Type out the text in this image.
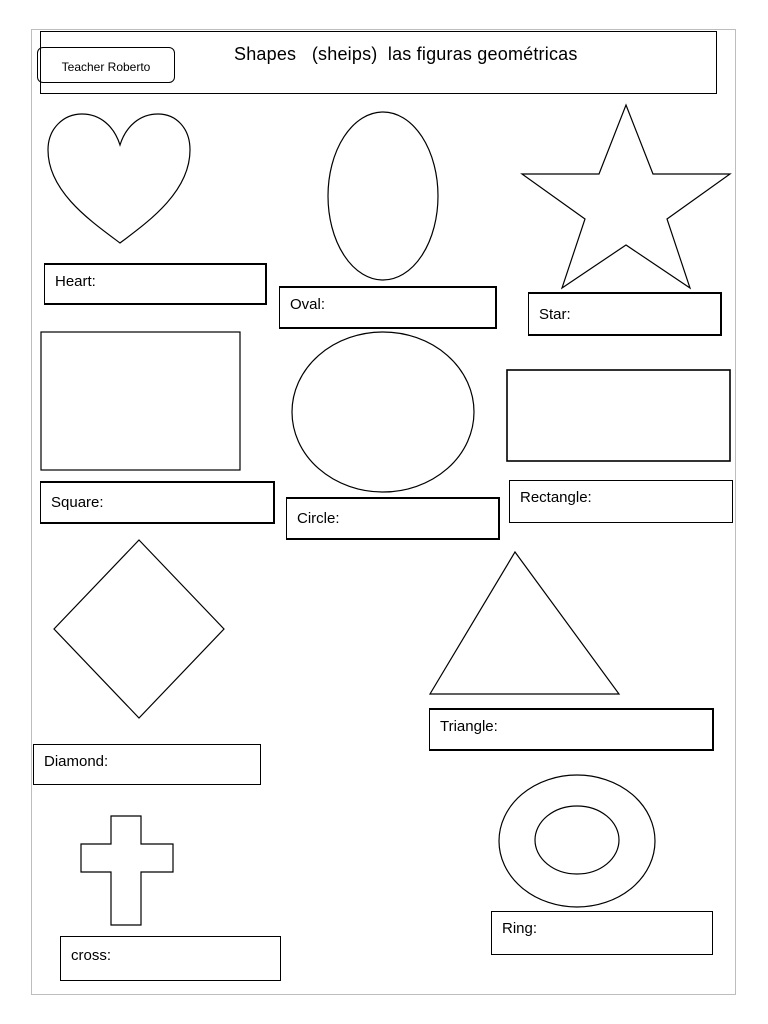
Teacher Roberto
Shapes   (sheips)  las figuras geométricas
Heart:
Oval:
Star:
Square:
Circle:
Rectangle:
Diamond:
Triangle:
cross:
Ring:
